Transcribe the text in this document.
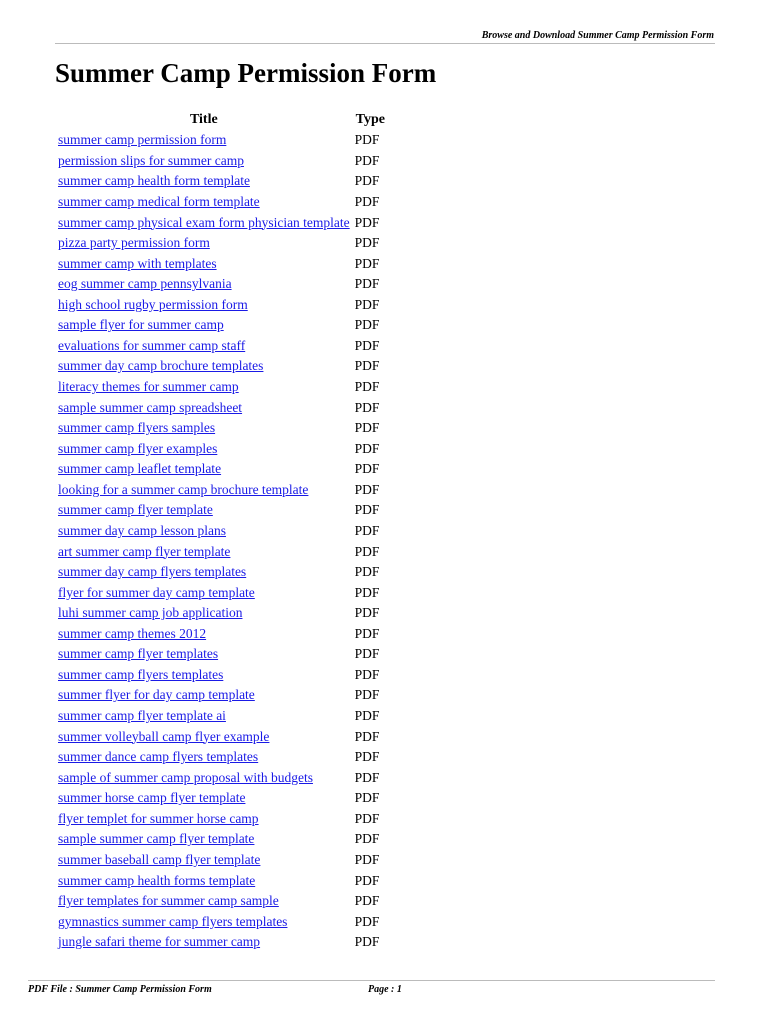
Browse and Download Summer Camp Permission Form
Summer Camp Permission Form
Title	Type
summer camp permission form	PDF
permission slips for summer camp	PDF
summer camp health form template	PDF
summer camp medical form template	PDF
summer camp physical exam form physician template	PDF
pizza party permission form	PDF
summer camp with templates	PDF
eog summer camp pennsylvania	PDF
high school rugby permission form	PDF
sample flyer for summer camp	PDF
evaluations for summer camp staff	PDF
summer day camp brochure templates	PDF
literacy themes for summer camp	PDF
sample summer camp spreadsheet	PDF
summer camp flyers samples	PDF
summer camp flyer examples	PDF
summer camp leaflet template	PDF
looking for a summer camp brochure template	PDF
summer camp flyer template	PDF
summer day camp lesson plans	PDF
art summer camp flyer template	PDF
summer day camp flyers templates	PDF
flyer for summer day camp template	PDF
luhi summer camp job application	PDF
summer camp themes 2012	PDF
summer camp flyer templates	PDF
summer camp flyers templates	PDF
summer flyer for day camp template	PDF
summer camp flyer template ai	PDF
summer volleyball camp flyer example	PDF
summer dance camp flyers templates	PDF
sample of summer camp proposal with budgets	PDF
summer horse camp flyer template	PDF
flyer templet for summer horse camp	PDF
sample summer camp flyer template	PDF
summer baseball camp flyer template	PDF
summer camp health forms template	PDF
flyer templates for summer camp sample	PDF
gymnastics summer camp flyers templates	PDF
jungle safari theme for summer camp	PDF
PDF File : Summer Camp Permission Form	Page : 1
